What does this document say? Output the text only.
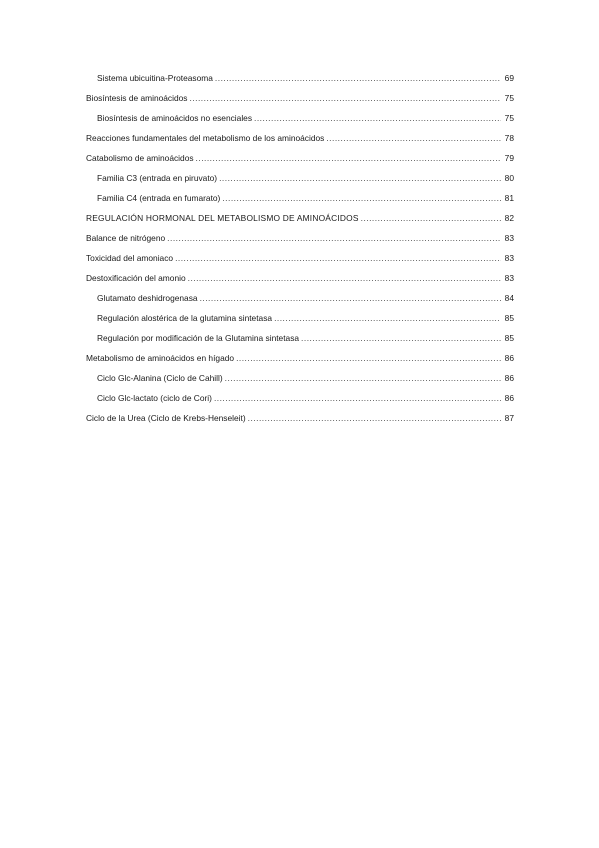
Sistema ubicuitina-Proteasoma .....	69
Biosíntesis de aminoácidos .....	75
Biosíntesis de aminoácidos no esenciales .....	75
Reacciones fundamentales del metabolismo de los aminoácidos .....	78
Catabolismo de aminoácidos .....	79
Familia C3 (entrada en piruvato) .....	80
Familia C4 (entrada en fumarato) .....	81
REGULACIÓN HORMONAL DEL METABOLISMO DE AMINOÁCIDOS .....	82
Balance de nitrógeno .....	83
Toxicidad del amoniaco .....	83
Destoxificación del amonio .....	83
Glutamato deshidrogenasa .....	84
Regulación alostérica de la glutamina sintetasa .....	85
Regulación por modificación de la Glutamina sintetasa .....	85
Metabolismo de aminoácidos en hígado .....	86
Ciclo Glc-Alanina (Ciclo de Cahill) .....	86
Ciclo Glc-lactato (ciclo de Cori) .....	86
Ciclo de la Urea (Ciclo de Krebs-Henseleit) .....	87
